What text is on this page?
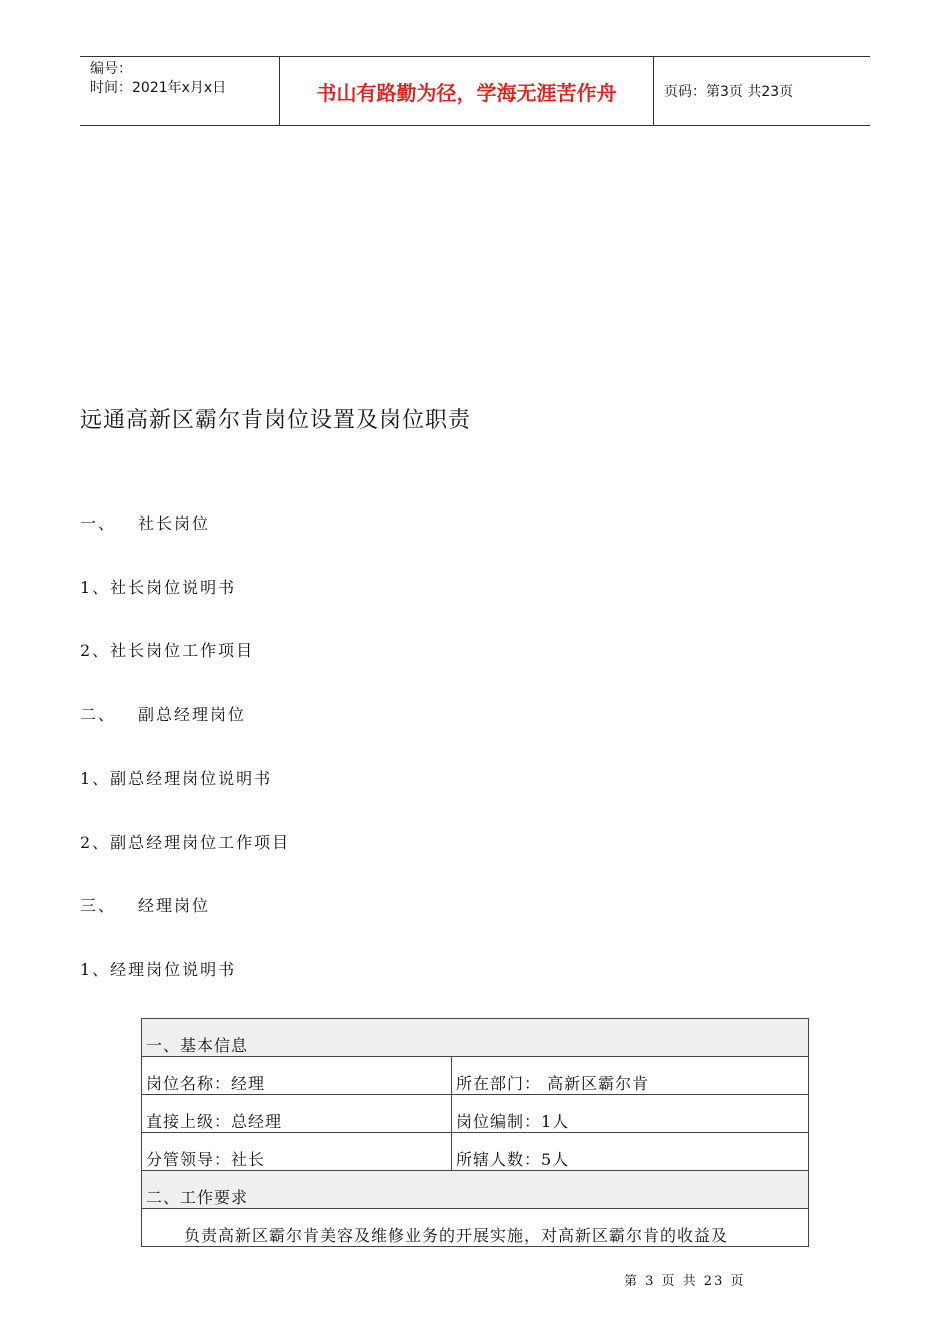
编号：
时间：2021年x月x日	书山有路勤为径，学海无涯苦作舟	页码：第3页 共23页
远通高新区霸尔肯岗位设置及岗位职责
一、 社长岗位
1、社长岗位说明书
2、社长岗位工作项目
二、 副总经理岗位
1、副总经理岗位说明书
2、副总经理岗位工作项目
三、 经理岗位
1、经理岗位说明书
一、基本信息	
岗位名称：经理	所在部门： 高新区霸尔肯
直接上级：总经理	岗位编制：1人
分管领导：社长	所辖人数：5人
二、工作要求	
负责高新区霸尔肯美容及维修业务的开展实施，对高新区霸尔肯的收益及	
第 3 页 共 23 页
